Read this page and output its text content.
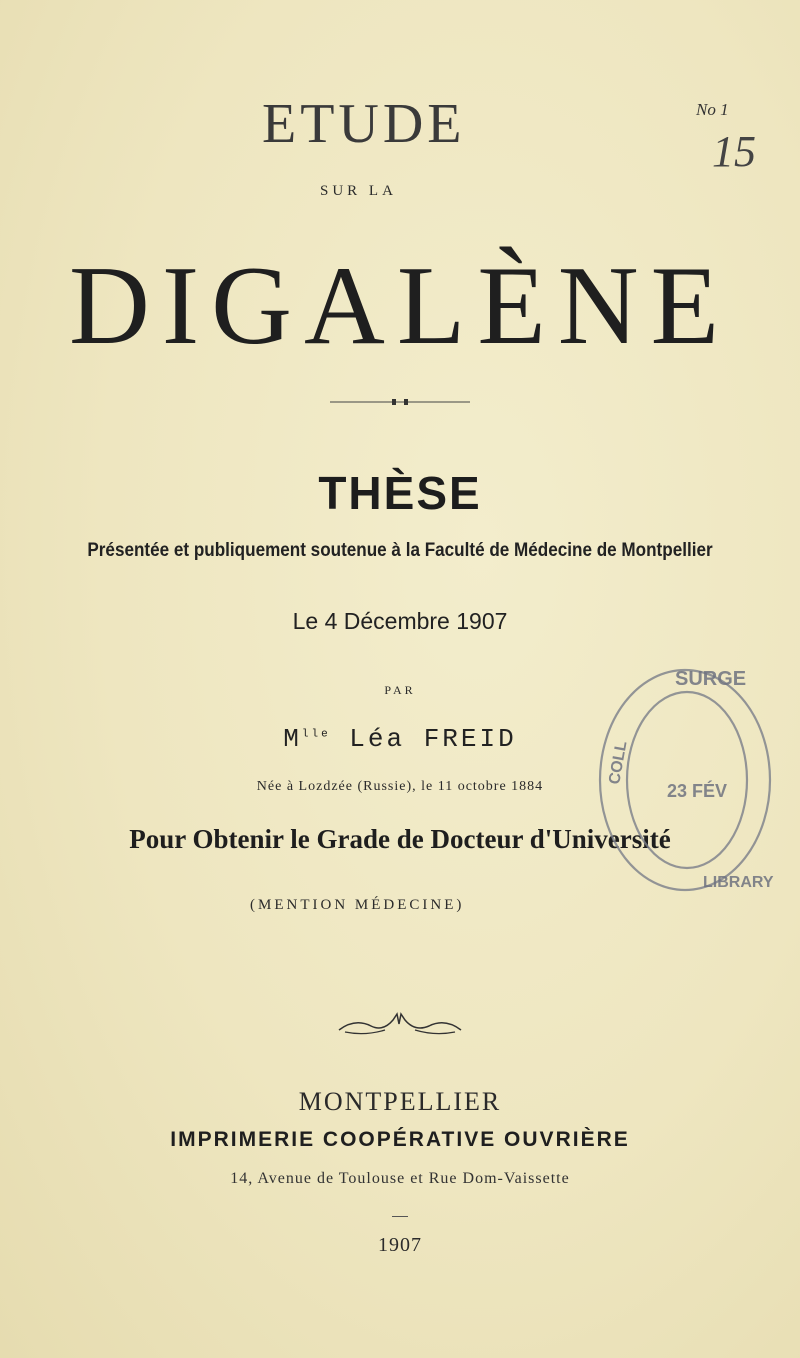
ETUDE
SUR LA
DIGALÈNE
THÈSE
Présentée et publiquement soutenue à la Faculté de Médecine de Montpellier
Le 4 Décembre 1907
PAR
$M^{lle}$ Léa FREID
Née à Lozdzée (Russie), le 11 octobre 1884
Pour Obtenir le Grade de Docteur d'Université
(MENTION MÉDECINE)
MONTPELLIER
IMPRIMERIE COOPÉRATIVE OUVRIÈRE
14, Avenue de Toulouse et Rue Dom-Vaissette
1907
No 1
15
SURGE
23 FÉV
LIBRARY
COLL
